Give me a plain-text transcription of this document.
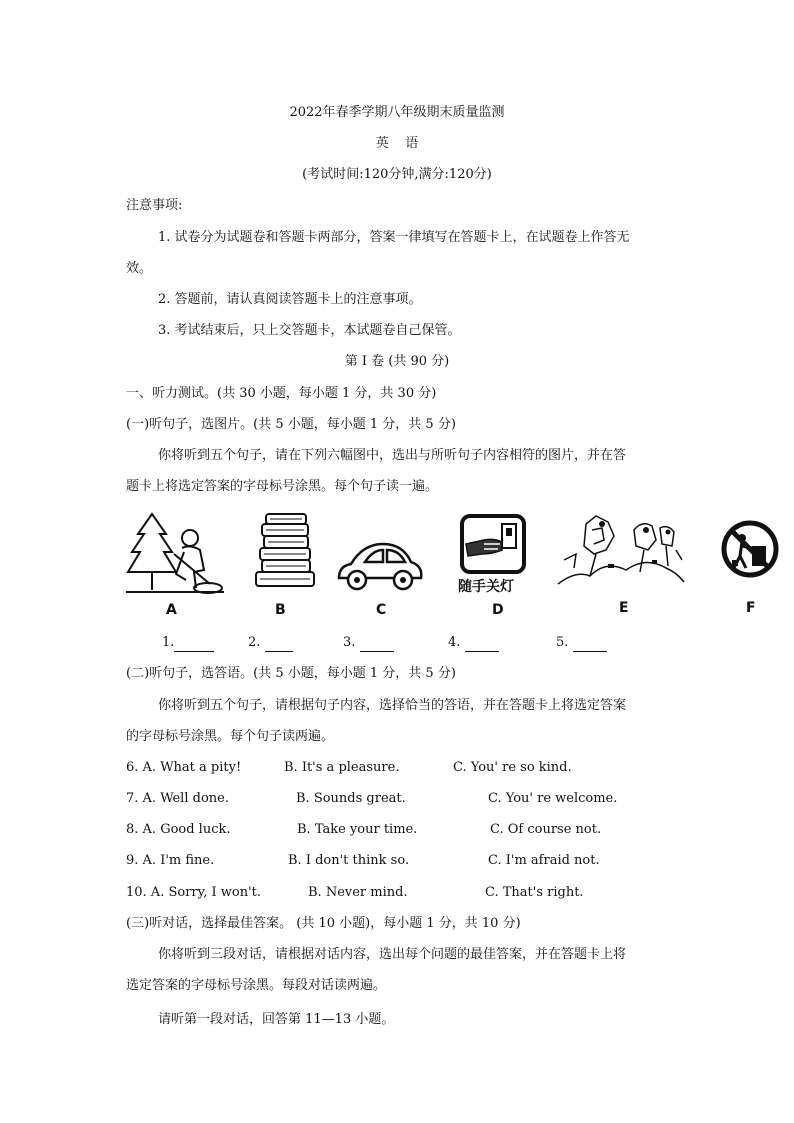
2022年春季学期八年级期末质量监测
英    语
(考试时间:120分钟,满分:120分)
注意事项:
1. 试卷分为试题卷和答题卡两部分，答案一律填写在答题卡上，在试题卷上作答无
效。
2. 答题前，请认真阅读答题卡上的注意事项。
3. 考试结束后，只上交答题卡，本试题卷自己保管。
第 I 卷 (共 90 分)
一、听力测试。(共 30 小题，每小题 1 分，共 30 分)
(一)听句子，选图片。(共 5 小题，每小题 1 分，共 5 分)
你将听到五个句子，请在下列六幅图中，选出与所听句子内容相符的图片，并在答
题卡上将选定答案的字母标号涂黑。每个句子读一遍。
A	B	C
随手关灯
D	E	F
1.	2.	3.	4.	5.
(二)听句子，选答语。(共 5 小题，每小题 1 分，共 5 分)
你将听到五个句子，请根据句子内容，选择恰当的答语，并在答题卡上将选定答案
的字母标号涂黑。每个句子读两遍。
6. A. What a pity!	B. It's a pleasure.	C. You' re so kind.
7. A. Well done.	B. Sounds great.	C. You' re welcome.
8. A. Good luck.	B. Take your time.	C. Of course not.
9. A. I'm fine.	B. I don't think so.	C. I'm afraid not.
10. A. Sorry, I won't.	B. Never mind.	C. That's right.
(三)听对话，选择最佳答案。 (共 10 小题)，每小题 1 分，共 10 分)
你将听到三段对话，请根据对话内容，选出每个问题的最佳答案，并在答题卡上将
选定答案的字母标号涂黑。每段对话读两遍。
请听第一段对话，回答第 11—13 小题。
